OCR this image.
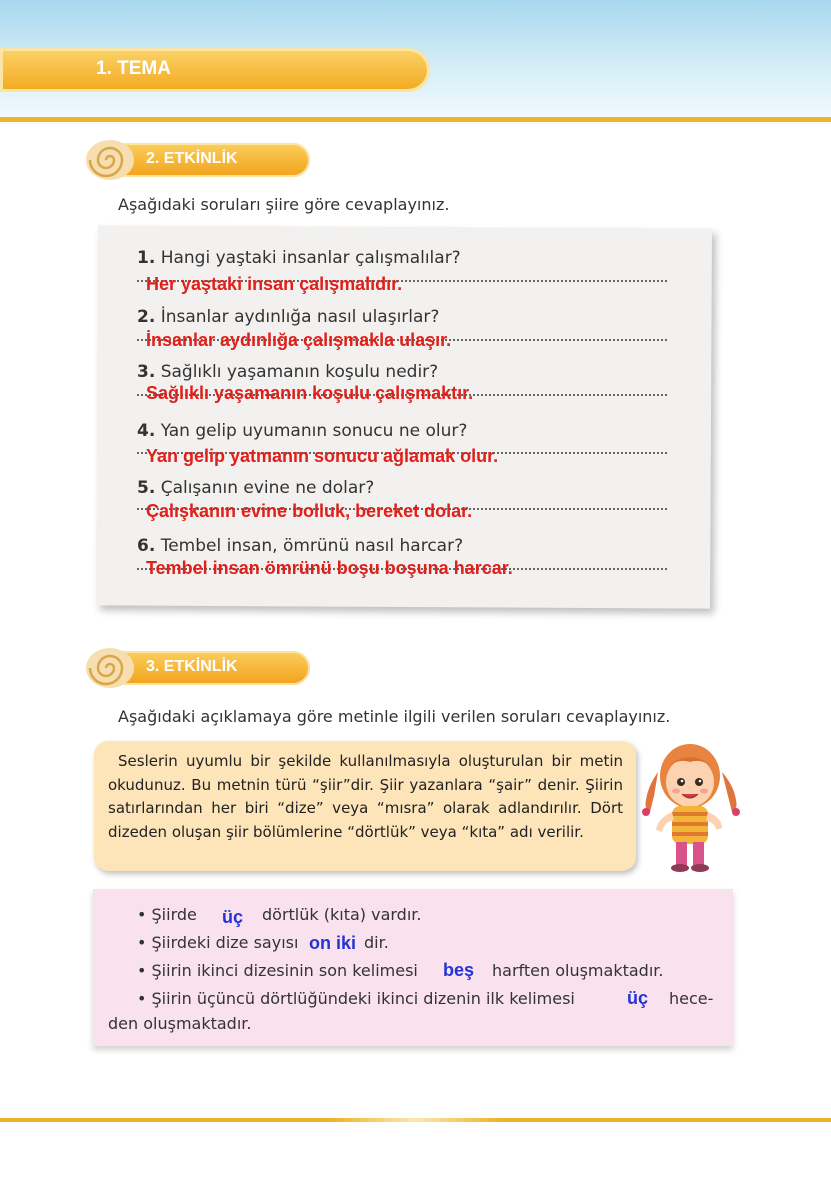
1. TEMA
2. ETKİNLİK
Aşağıdaki soruları şiire göre cevaplayınız.
1. Hangi yaştaki insanlar çalışmalılar?
Her yaştaki insan çalışmalıdır.
2. İnsanlar aydınlığa nasıl ulaşırlar?
İnsanlar aydınlığa çalışmakla ulaşır.
3. Sağlıklı yaşamanın koşulu nedir?
Sağlıklı yaşamanın koşulu çalışmaktır.
4. Yan gelip uyumanın sonucu ne olur?
Yan gelip yatmanın sonucu ağlamak olur.
5. Çalışanın evine ne dolar?
Çalışkanın evine bolluk, bereket dolar.
6. Tembel insan, ömrünü nasıl harcar?
Tembel insan ömrünü boşu boşuna harcar.
3. ETKİNLİK
Aşağıdaki açıklamaya göre metinle ilgili verilen soruları cevaplayınız.
Seslerin uyumlu bir şekilde kullanılmasıyla oluşturulan bir metin okudunuz. Bu metnin türü “şiir”dir. Şiir yazanlara “şair” denir. Şiirin satırlarından her biri “dize” veya “mısra” olarak adlandırılır. Dört dizeden oluşan şiir bölümlerine “dörtlük” veya “kıta” adı verilir.
• Şiirde üç dörtlük (kıta) vardır.
• Şiirdeki dize sayısı on iki dir.
• Şiirin ikinci dizesinin son kelimesi beş harften oluşmaktadır.
• Şiirin üçüncü dörtlüğündeki ikinci dizenin ilk kelimesi	üç hece-
den oluşmaktadır.
